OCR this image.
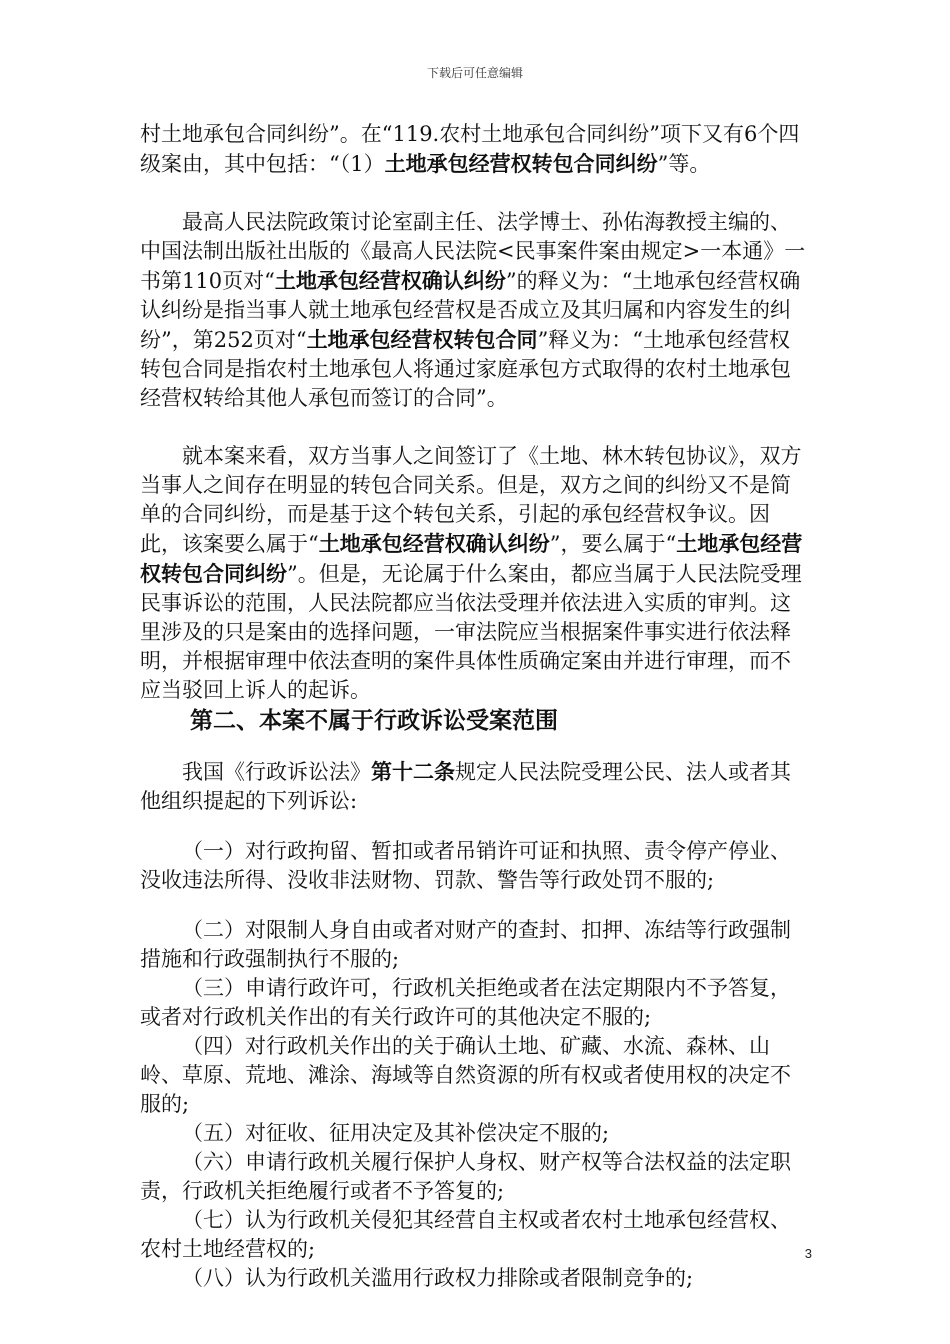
下载后可任意编辑

村土地承包合同纠纷”。在“119.农村土地承包合同纠纷”项下又有6个四级案由，其中包括：“（1）土地承包经营权转包合同纠纷”等。

最高人民法院政策讨论室副主任、法学博士、孙佑海教授主编的、中国法制出版社出版的《最高人民法院<民事案件案由规定>一本通》一书第110页对“土地承包经营权确认纠纷”的释义为：“土地承包经营权确认纠纷是指当事人就土地承包经营权是否成立及其归属和内容发生的纠纷”，第252页对“土地承包经营权转包合同”释义为：“土地承包经营权转包合同是指农村土地承包人将通过家庭承包方式取得的农村土地承包经营权转给其他人承包而签订的合同”。

就本案来看，双方当事人之间签订了《土地、林木转包协议》，双方当事人之间存在明显的转包合同关系。但是，双方之间的纠纷又不是简单的合同纠纷，而是基于这个转包关系，引起的承包经营权争议。因此，该案要么属于“土地承包经营权确认纠纷”，要么属于“土地承包经营权转包合同纠纷”。但是，无论属于什么案由，都应当属于人民法院受理民事诉讼的范围，人民法院都应当依法受理并依法进入实质的审判。这里涉及的只是案由的选择问题，一审法院应当根据案件事实进行依法释明，并根据审理中依法查明的案件具体性质确定案由并进行审理，而不应当驳回上诉人的起诉。

第二、本案不属于行政诉讼受案范围

我国《行政诉讼法》第十二条规定人民法院受理公民、法人或者其他组织提起的下列诉讼:

（一）对行政拘留、暂扣或者吊销许可证和执照、责令停产停业、没收违法所得、没收非法财物、罚款、警告等行政处罚不服的;

（二）对限制人身自由或者对财产的查封、扣押、冻结等行政强制措施和行政强制执行不服的;

（三）申请行政许可，行政机关拒绝或者在法定期限内不予答复，或者对行政机关作出的有关行政许可的其他决定不服的;

（四）对行政机关作出的关于确认土地、矿藏、水流、森林、山岭、草原、荒地、滩涂、海域等自然资源的所有权或者使用权的决定不服的;

（五）对征收、征用决定及其补偿决定不服的;

（六）申请行政机关履行保护人身权、财产权等合法权益的法定职责，行政机关拒绝履行或者不予答复的;

（七）认为行政机关侵犯其经营自主权或者农村土地承包经营权、农村土地经营权的;

（八）认为行政机关滥用行政权力排除或者限制竞争的;

3
